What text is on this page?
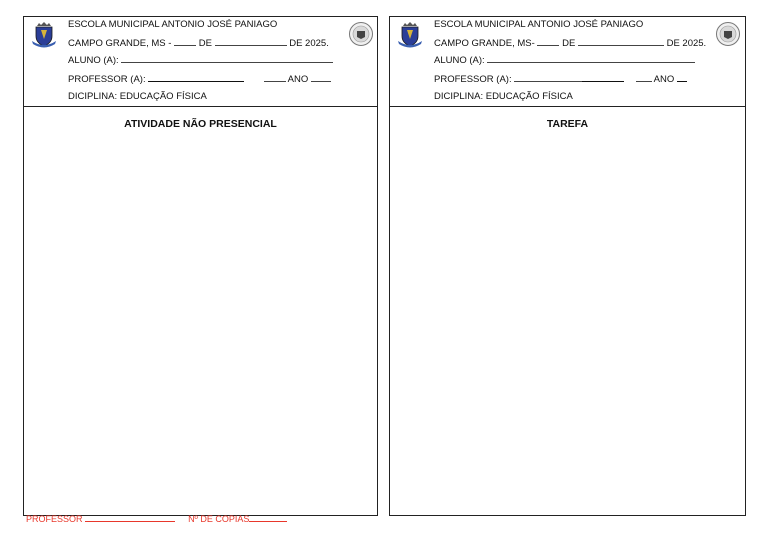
ESCOLA MUNICIPAL ANTONIO JOSÉ PANIAGO
CAMPO GRANDE, MS -	DE	DE 2025.
ALUNO (A):
PROFESSOR (A):	ANO
DICIPLINA: EDUCAÇÃO FÍSICA
ATIVIDADE NÃO PRESENCIAL
ESCOLA MUNICIPAL ANTONIO JOSÉ PANIAGO
CAMPO GRANDE, MS-	DE	DE 2025.
ALUNO (A):
PROFESSOR (A):	ANO
DICIPLINA: EDUCAÇÃO FÍSICA
TAREFA
PROFESSOR	Nº DE COPIAS
